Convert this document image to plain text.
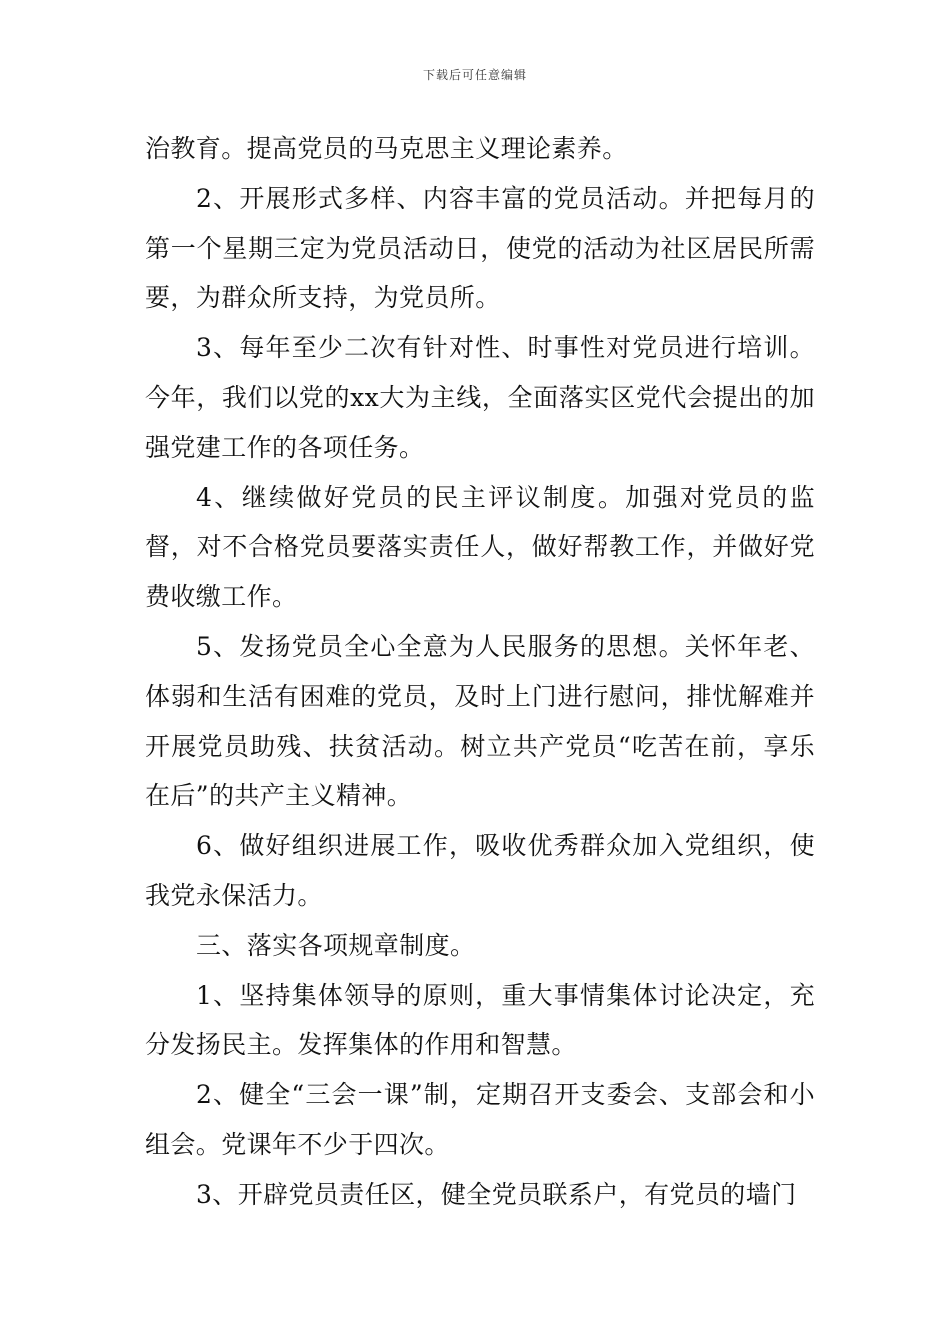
下载后可任意编辑

治教育。提高党员的马克思主义理论素养。

2、开展形式多样、内容丰富的党员活动。并把每月的第一个星期三定为党员活动日，使党的活动为社区居民所需要，为群众所支持，为党员所。

3、每年至少二次有针对性、时事性对党员进行培训。今年，我们以党的xx大为主线，全面落实区党代会提出的加强党建工作的各项任务。

4、继续做好党员的民主评议制度。加强对党员的监督，对不合格党员要落实责任人，做好帮教工作，并做好党费收缴工作。

5、发扬党员全心全意为人民服务的思想。关怀年老、体弱和生活有困难的党员，及时上门进行慰问，排忧解难并开展党员助残、扶贫活动。树立共产党员“吃苦在前，享乐在后”的共产主义精神。

6、做好组织进展工作，吸收优秀群众加入党组织，使我党永保活力。

三、落实各项规章制度。

1、坚持集体领导的原则，重大事情集体讨论决定，充分发扬民主。发挥集体的作用和智慧。

2、健全“三会一课”制，定期召开支委会、支部会和小组会。党课年不少于四次。

3、开辟党员责任区，健全党员联系户，有党员的墙门
